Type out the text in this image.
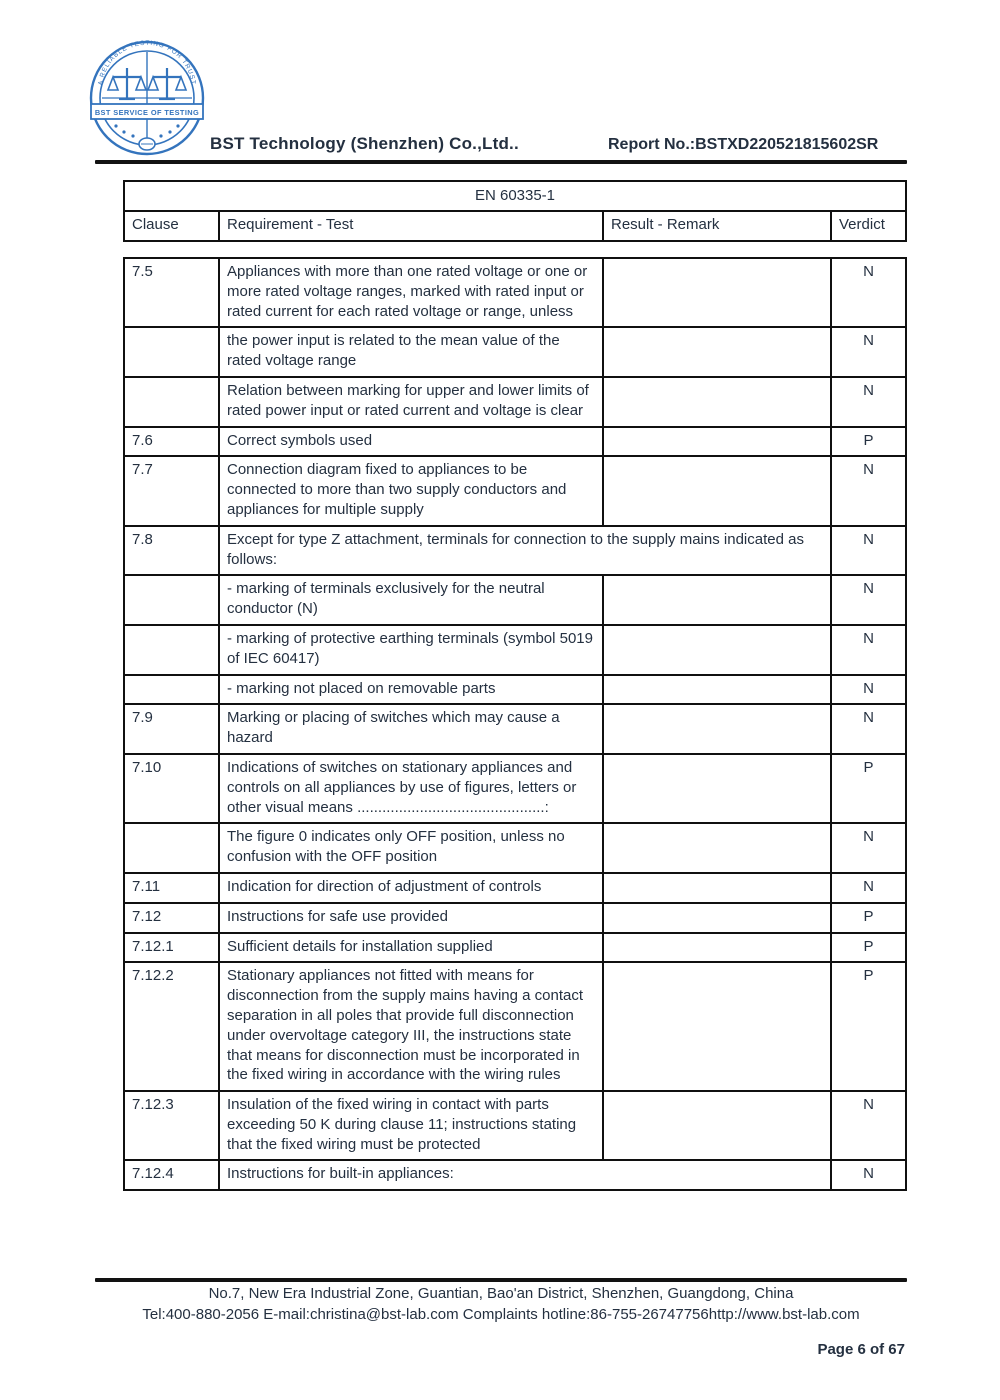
A RELIABLE TESTING FOR TRUST
BST SERVICE OF TESTING
BST Technology (Shenzhen) Co.,Ltd..	Report No.:BSTXD220521815602SR
EN 60335-1
Clause	Requirement - Test	Result - Remark	Verdict
7.5	Appliances with more than one rated voltage or one or more rated voltage ranges, marked with rated input or rated current for each rated voltage or range, unless		N
	the power input is related to the mean value of the rated voltage range		N
	Relation between marking for upper and lower limits of rated power input or rated current and voltage is clear		N
7.6	Correct symbols used		P
7.7	Connection diagram fixed to appliances to be connected to more than two supply conductors and appliances for multiple supply		N
7.8	Except for type Z attachment, terminals for connection to the supply mains indicated as follows:		N
	- marking of terminals exclusively for the neutral conductor (N)		N
	- marking of protective earthing terminals (symbol 5019 of IEC 60417)		N
	- marking not placed on removable parts		N
7.9	Marking or placing of switches which may cause a hazard		N
7.10	Indications of switches on stationary appliances and controls on all appliances by use of figures, letters or other visual means .............................................:		P
	The figure 0 indicates only OFF position, unless no confusion with the OFF position		N
7.11	Indication for direction of adjustment of controls		N
7.12	Instructions for safe use provided		P
7.12.1	Sufficient details for installation supplied		P
7.12.2	Stationary appliances not fitted with means for disconnection from the supply mains having a contact separation in all poles that provide full disconnection under overvoltage category III, the instructions state that means for disconnection must be incorporated in the fixed wiring in accordance with the wiring rules		P
7.12.3	Insulation of the fixed wiring in contact with parts exceeding 50 K during clause 11; instructions stating that the fixed wiring must be protected		N
7.12.4	Instructions for built-in appliances:		N
No.7, New Era Industrial Zone, Guantian, Bao'an District, Shenzhen, Guangdong, China
Tel:400-880-2056 E-mail:christina@bst-lab.com Complaints hotline:86-755-26747756http://www.bst-lab.com
Page 6 of 67
